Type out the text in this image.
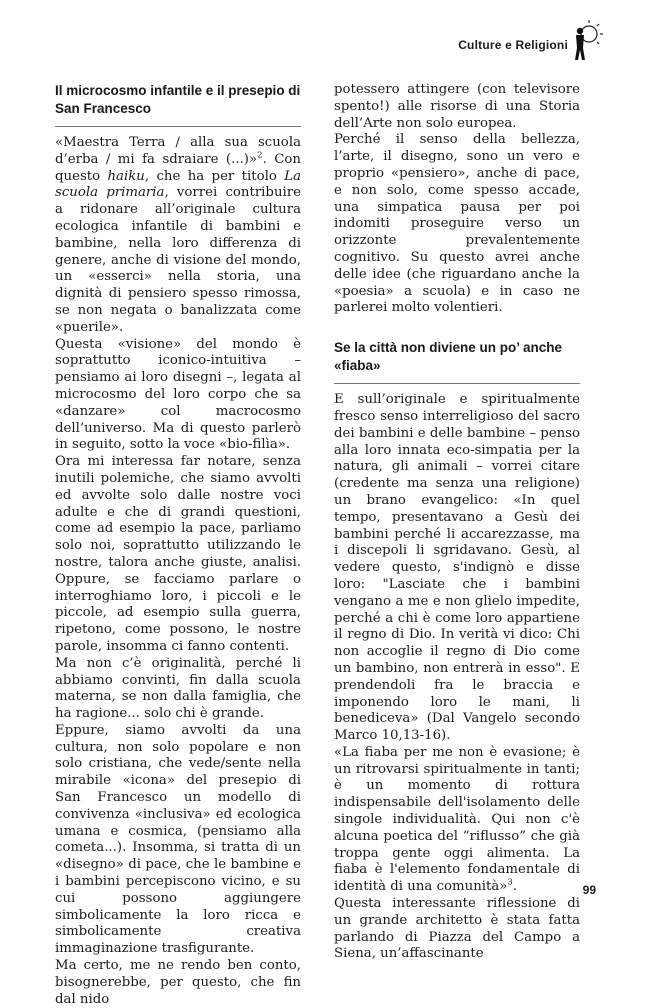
Culture e Religioni
Il microcosmo infantile e il presepio di San Francesco

«Maestra Terra / alla sua scuola d’erba / mi fa sdraiare (...)»$^2$. Con questo haiku, che ha per titolo La scuola primaria, vorrei contribuire a ridonare all’originale cultura ecologica infantile di bambini e bambine, nella loro differenza di genere, anche di visione del mondo, un «esserci» nella storia, una dignità di pensiero spesso rimossa, se non negata o banalizzata come «puerile».

Questa «visione» del mondo è soprattutto iconico-intuitiva – pensiamo ai loro disegni –, legata al microcosmo del loro corpo che sa «danzare» col macrocosmo dell’universo. Ma di questo parlerò in seguito, sotto la voce «bio-filìa».

Ora mi interessa far notare, senza inutili polemiche, che siamo avvolti ed avvolte solo dalle nostre voci adulte e che di grandi questioni, come ad esempio la pace, parliamo solo noi, soprattutto utilizzando le nostre, talora anche giuste, analisi. Oppure, se facciamo parlare o interroghiamo loro, i piccoli e le piccole, ad esempio sulla guerra, ripetono, come possono, le nostre parole, insomma ci fanno contenti.

Ma non c’è originalità, perché li abbiamo convinti, fin dalla scuola materna, se non dalla famiglia, che ha ragione... solo chi è grande.

Eppure, siamo avvolti da una cultura, non solo popolare e non solo cristiana, che vede/sente nella mirabile «icona» del presepio di San Francesco un modello di convivenza «inclusiva» ed ecologica umana e cosmica, (pensiamo alla cometa...). Insomma, si tratta di un «disegno» di pace, che le bambine e i bambini percepiscono vicino, e su cui possono aggiungere simbolicamente la loro ricca e simbolicamente creativa immaginazione trasfigurante.

Ma certo, me ne rendo ben conto, bisognerebbe, per questo, che fin dal nido

potessero attingere (con televisore spento!) alle risorse di una Storia dell’Arte non solo europea.

Perché il senso della bellezza, l’arte, il disegno, sono un vero e proprio «pensiero», anche di pace, e non solo, come spesso accade, una simpatica pausa per poi indomiti proseguire verso un orizzonte prevalentemente cognitivo. Su questo avrei anche delle idee (che riguardano anche la «poesia» a scuola) e in caso ne parlerei molto volentieri.

Se la città non diviene un po’ anche «fiaba»

E sull’originale e spiritualmente fresco senso interreligioso del sacro dei bambini e delle bambine – penso alla loro innata eco-simpatia per la natura, gli animali – vorrei citare (credente ma senza una religione) un brano evangelico: «In quel tempo, presentavano a Gesù dei bambini perché li accarezzasse, ma i discepoli li sgridavano. Gesù, al vedere questo, s'indignò e disse loro: "Lasciate che i bambini vengano a me e non glielo impedite, perché a chi è come loro appartiene il regno di Dio. In verità vi dico: Chi non accoglie il regno di Dio come un bambino, non entrerà in esso". E prendendoli fra le braccia e imponendo loro le mani, li benediceva» (Dal Vangelo secondo Marco 10,13-16).

«La fiaba per me non è evasione; è un ritrovarsi spiritualmente in tanti; è un momento di rottura indispensabile dell'isolamento delle singole individualità. Qui non c'è alcuna poetica del “riflusso” che già troppa gente oggi alimenta. La fiaba è l'elemento fondamentale di identità di una comunità»$^3$.

Questa interessante riflessione di un grande architetto è stata fatta parlando di Piazza del Campo a Siena, un’affascinante

99
